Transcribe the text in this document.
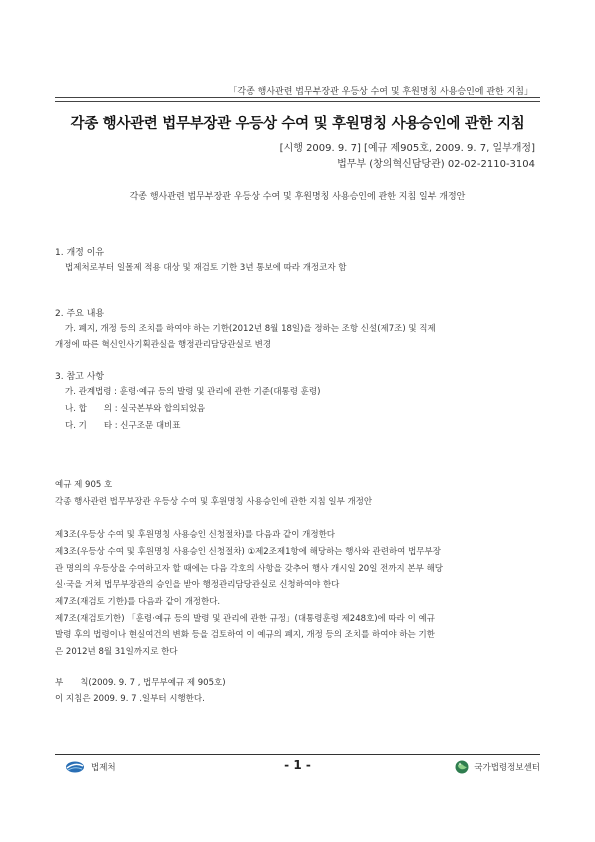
「각종 행사관련 법무부장관 우등상 수여 및 후원명칭 사용승인에 관한 지침」
각종 행사관련 법무부장관 우등상 수여 및 후원명칭 사용승인에 관한 지침
[시행 2009. 9. 7] [예규 제905호, 2009. 9. 7, 일부개정]
법무부 (창의혁신담당관) 02-02-2110-3104
각종 행사관련 법무부장관 우등상 수여 및 후원명칭 사용승인에 관한 지침 일부 개정안
1. 개정 이유
법제처로부터 일몰제 적용 대상 및 재검토 기한 3년 통보에 따라 개정코자 함
2. 주요 내용
가. 폐지, 개정 등의 조치를 하여야 하는 기한(2012년 8월 18일)을 정하는 조항 신설(제7조) 및 직제
개정에 따른 혁신인사기획관실을 행정관리담당관실로 변경
3. 참고 사항
가. 관계법령 : 훈령·예규 등의 발령 및 관리에 관한 기준(대통령 훈령)
나. 합　　의 : 실국본부와 합의되었음
다. 기　　타 : 신구조문 대비표
예규 제 905 호
각종 행사관련 법무부장관 우등상 수여 및 후원명칭 사용승인에 관한 지침 일부 개정안
제3조(우등상 수여 및 후원명칭 사용승인 신청절차)를 다음과 같이 개정한다
제3조(우등상 수여 및 후원명칭 사용승인 신청절차) ①제2조제1항에 해당하는 행사와 관련하여 법무부장
관 명의의 우등상을 수여하고자 할 때에는 다음 각호의 사항을 갖추어 행사 개시일 20일 전까지 본부 해당
실·국을 거쳐 법무부장관의 승인을 받아 행정관리담당관실로 신청하여야 한다
제7조(재검토 기한)를 다음과 같이 개정한다.
제7조(재검토기한) 「훈령·예규 등의 발령 및 관리에 관한 규정」(대통령훈령 제248호)에 따라 이 예규
발령 후의 법령이나 현실여건의 변화 등을 검토하여 이 예규의 폐지, 개정 등의 조치를 하여야 하는 기한
은 2012년 8월 31일까지로 한다
부　　칙(2009. 9. 7 , 법무부예규 제 905호)
이 지침은 2009. 9. 7 .일부터 시행한다.
법제처	- 1 -	국가법령정보센터
